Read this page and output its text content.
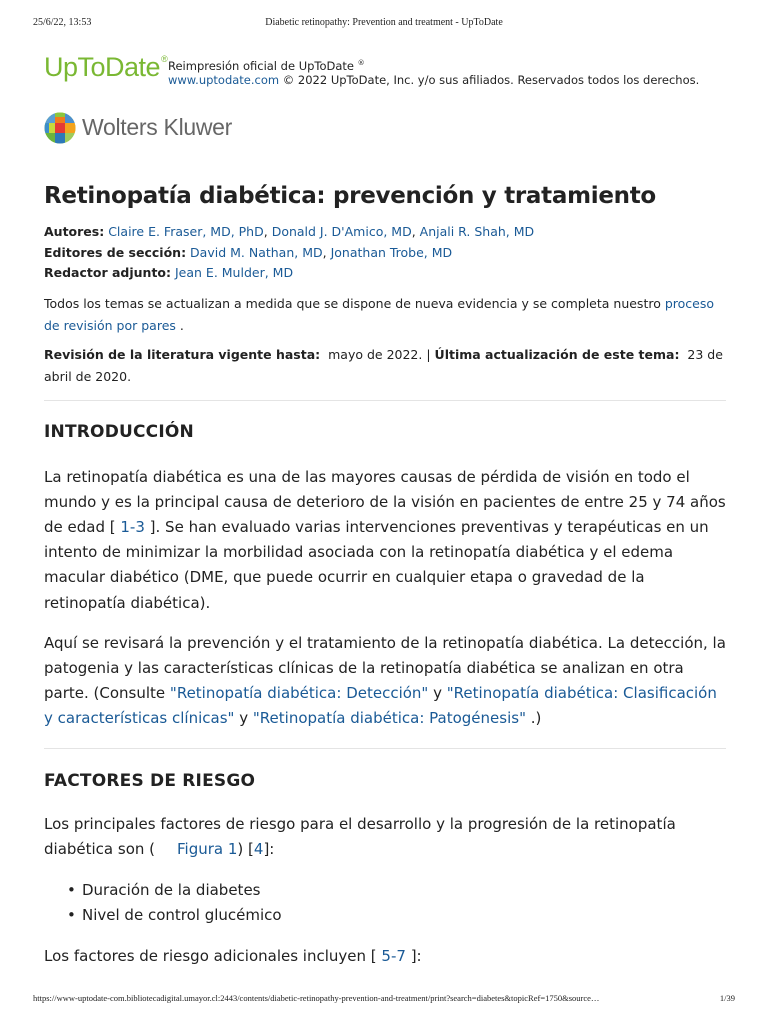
25/6/22, 13:53	Diabetic retinopathy: Prevention and treatment - UpToDate
UpToDate® Reimpresión oficial de UpToDate ®
www.uptodate.com © 2022 UpToDate, Inc. y/o sus afiliados. Reservados todos los derechos.
Wolters Kluwer
Retinopatía diabética: prevención y tratamiento
Autores: Claire E. Fraser, MD, PhD, Donald J. D'Amico, MD, Anjali R. Shah, MD
Editores de sección: David M. Nathan, MD, Jonathan Trobe, MD
Redactor adjunto: Jean E. Mulder, MD

Todos los temas se actualizan a medida que se dispone de nueva evidencia y se completa nuestro proceso de revisión por pares .

Revisión de la literatura vigente hasta: mayo de 2022. | Última actualización de este tema: 23 de abril de 2020.

INTRODUCCIÓN

La retinopatía diabética es una de las mayores causas de pérdida de visión en todo el mundo y es la principal causa de deterioro de la visión en pacientes de entre 25 y 74 años de edad [ 1-3 ]. Se han evaluado varias intervenciones preventivas y terapéuticas en un intento de minimizar la morbilidad asociada con la retinopatía diabética y el edema macular diabético (DME, que puede ocurrir en cualquier etapa o gravedad de la retinopatía diabética).

Aquí se revisará la prevención y el tratamiento de la retinopatía diabética. La detección, la patogenia y las características clínicas de la retinopatía diabética se analizan en otra parte. (Consulte "Retinopatía diabética: Detección" y "Retinopatía diabética: Clasificación y características clínicas" y "Retinopatía diabética: Patogénesis" .)

FACTORES DE RIESGO

Los principales factores de riesgo para el desarrollo y la progresión de la retinopatía diabética son ( Figura 1) [4]:

• Duración de la diabetes
• Nivel de control glucémico

Los factores de riesgo adicionales incluyen [ 5-7 ]:

https://www-uptodate-com.bibliotecadigital.umayor.cl:2443/contents/diabetic-retinopathy-prevention-and-treatment/print?search=diabetes&topicRef=1750&source…	1/39
